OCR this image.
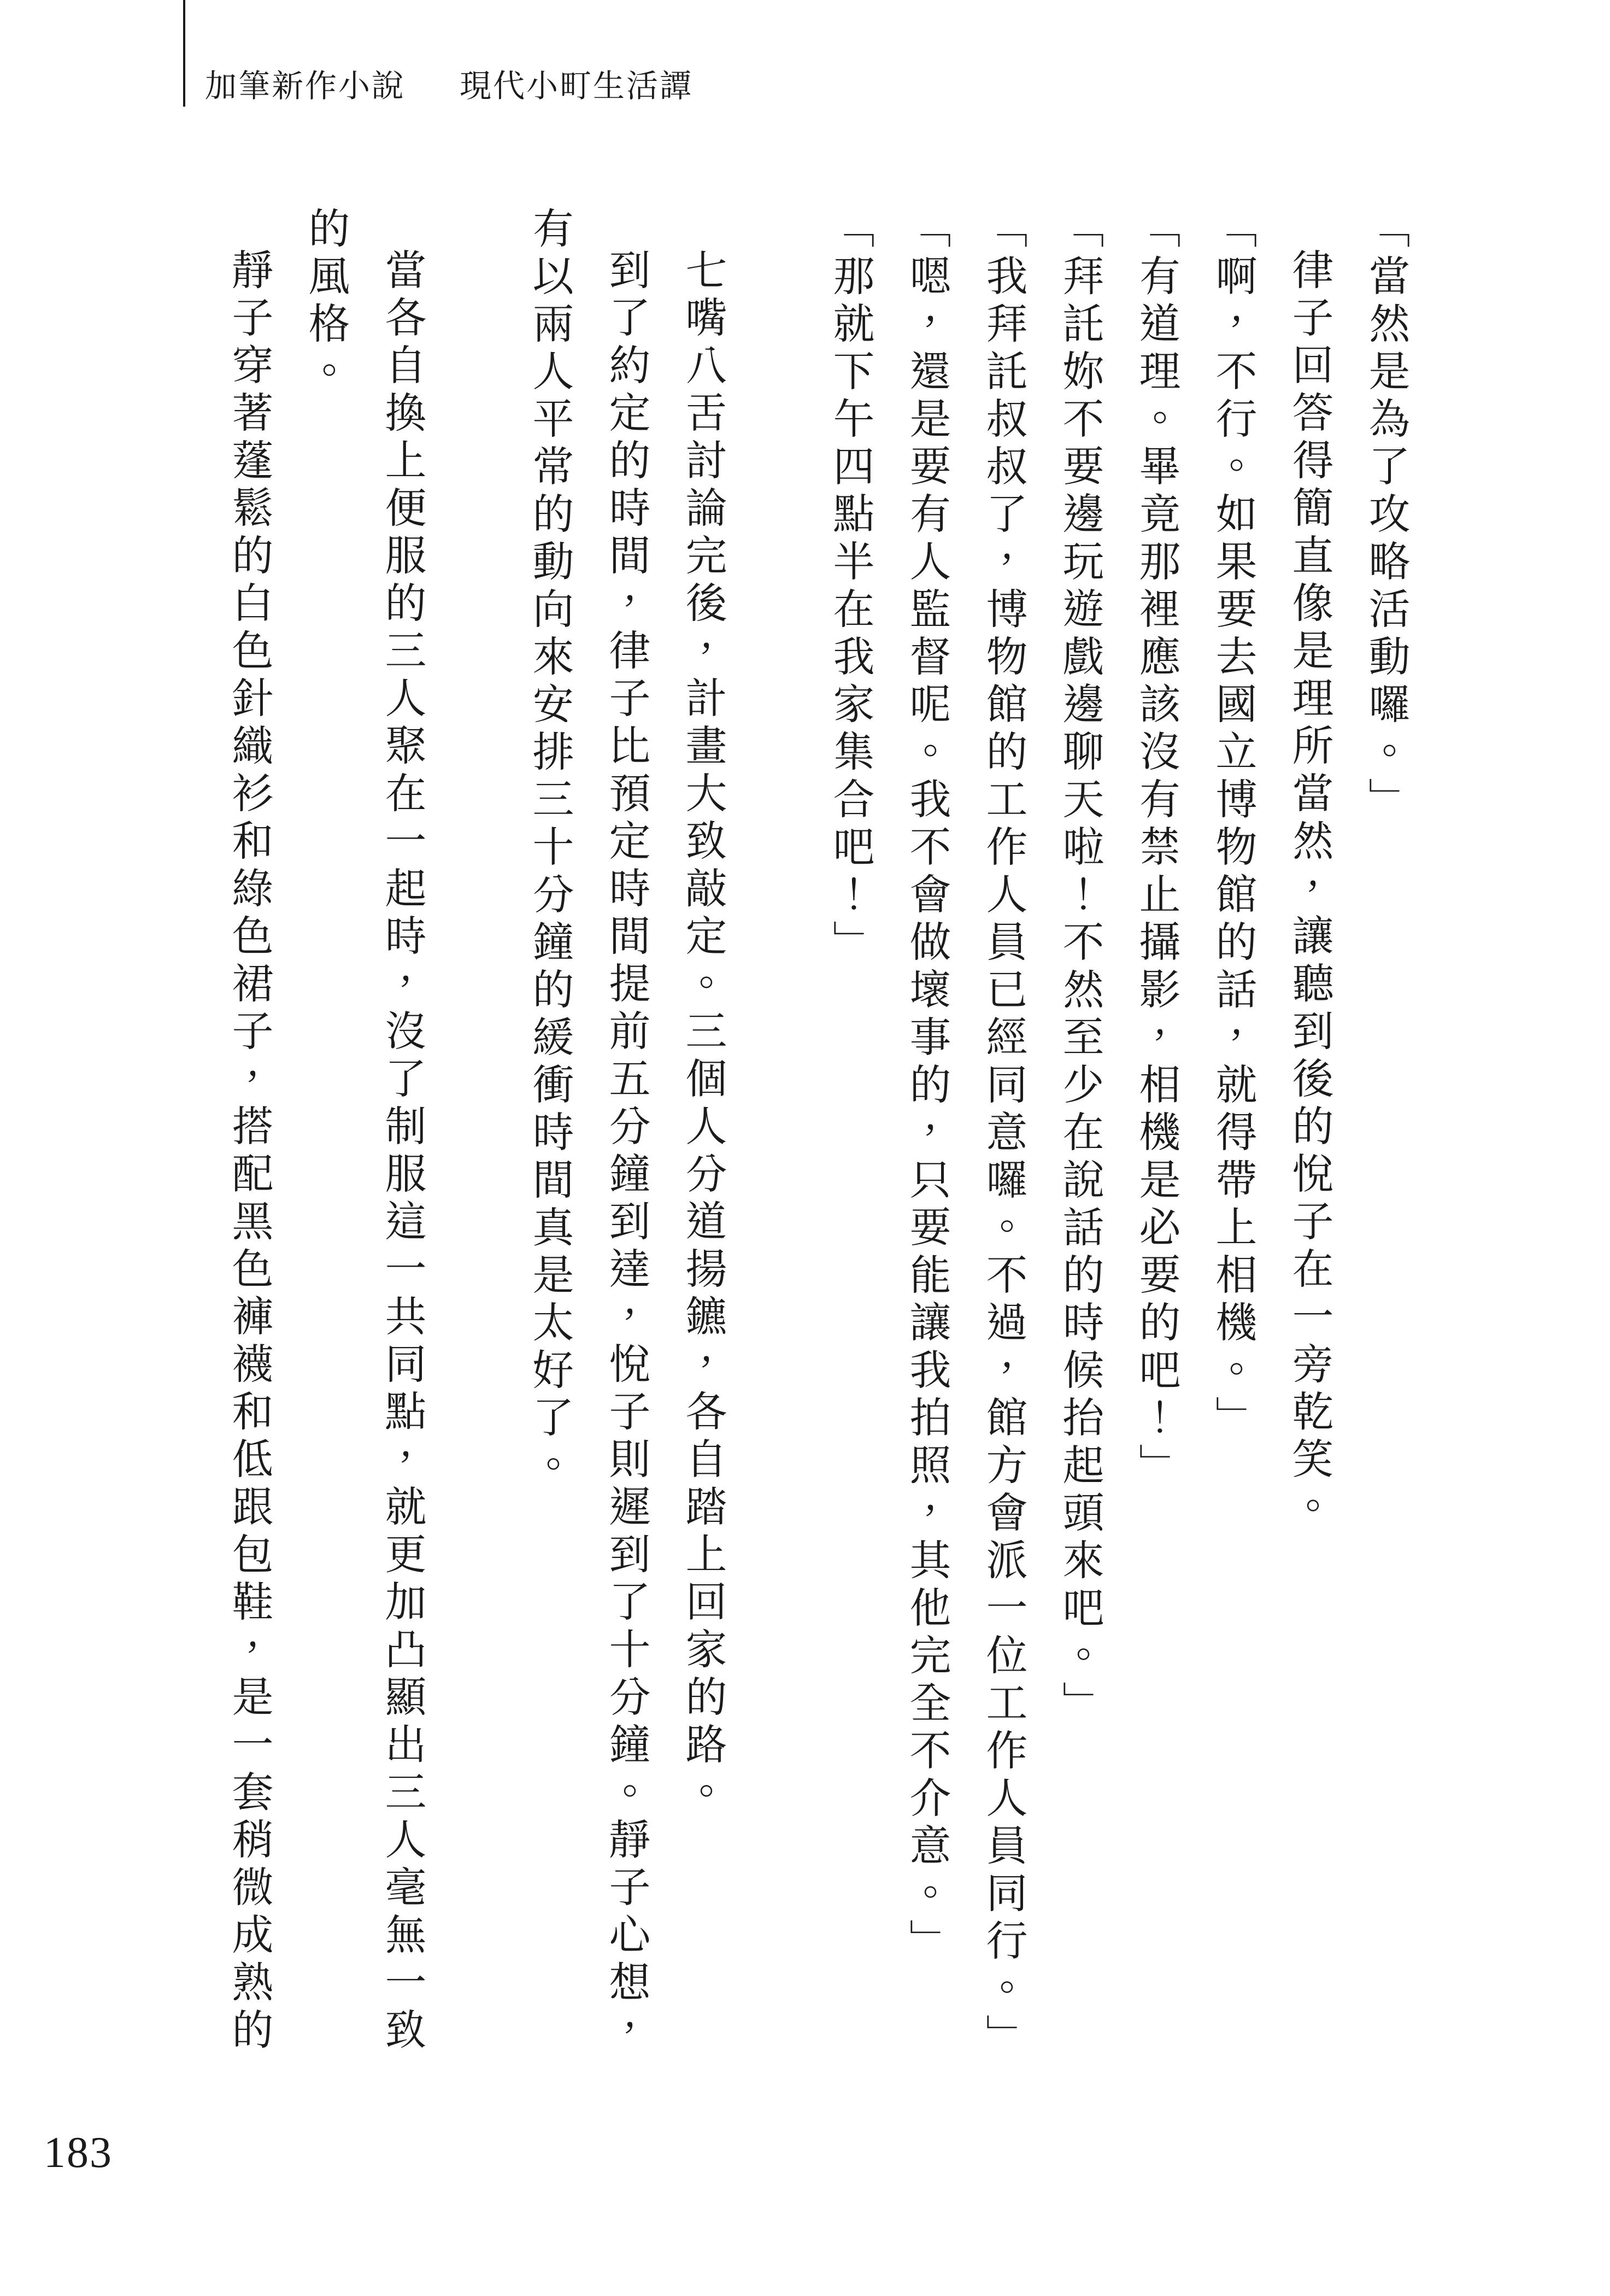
加筆新作小說 現代小町生活譚

「當然是為了攻略活動囉。」

律子回答得簡直像是理所當然，讓聽到後的悅子在一旁乾笑。

「啊，不行。如果要去國立博物館的話，就得帶上相機。」

「有道理。畢竟那裡應該沒有禁止攝影，相機是必要的吧！」

「拜託妳不要邊玩遊戲邊聊天啦！不然至少在說話的時候抬起頭來吧。」

「我拜託叔叔了，博物館的工作人員已經同意囉。不過，館方會派一位工作人員同行。」

「嗯，還是要有人監督呢。我不會做壞事的，只要能讓我拍照，其他完全不介意。」

「那就下午四點半在我家集合吧！」

七嘴八舌討論完後，計畫大致敲定。三個人分道揚鑣，各自踏上回家的路。

到了約定的時間，律子比預定時間提前五分鐘到達，悅子則遲到了十分鐘。靜子心想，有以兩人平常的動向來安排三十分鐘的緩衝時間真是太好了。

當各自換上便服的三人聚在一起時，沒了制服這一共同點，就更加凸顯出三人毫無一致的風格。

靜子穿著蓬鬆的白色針織衫和綠色裙子，搭配黑色褲襪和低跟包鞋，是一套稍微成熟的

183
